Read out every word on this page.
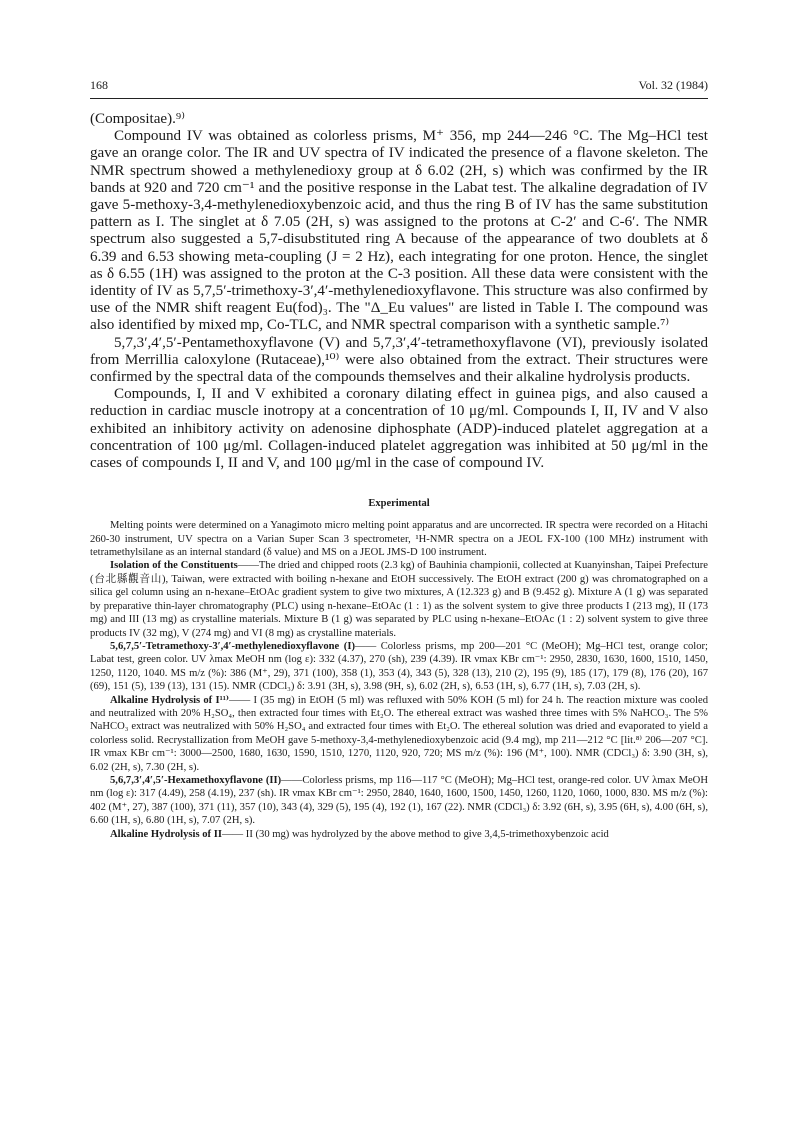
168	Vol. 32 (1984)

(Compositae).⁹⁾

Compound IV was obtained as colorless prisms, M⁺ 356, mp 244—246 °C. The Mg–HCl test gave an orange color. The IR and UV spectra of IV indicated the presence of a flavone skeleton. The NMR spectrum showed a methylenedioxy group at δ 6.02 (2H, s) which was confirmed by the IR bands at 920 and 720 cm⁻¹ and the positive response in the Labat test. The alkaline degradation of IV gave 5-methoxy-3,4-methylenedioxybenzoic acid, and thus the ring B of IV has the same substitution pattern as I. The singlet at δ 7.05 (2H, s) was assigned to the protons at C-2′ and C-6′. The NMR spectrum also suggested a 5,7-disubstituted ring A because of the appearance of two doublets at δ 6.39 and 6.53 showing meta-coupling (J = 2 Hz), each integrating for one proton. Hence, the singlet as δ 6.55 (1H) was assigned to the proton at the C-3 position. All these data were consistent with the identity of IV as 5,7,5′-trimethoxy-3′,4′-methylenedioxyflavone. This structure was also confirmed by use of the NMR shift reagent Eu(fod)₃. The "Δ_Eu values" are listed in Table I. The compound was also identified by mixed mp, Co-TLC, and NMR spectral comparison with a synthetic sample.⁷⁾

5,7,3′,4′,5′-Pentamethoxyflavone (V) and 5,7,3′,4′-tetramethoxyflavone (VI), previously isolated from Merrillia caloxylone (Rutaceae),¹⁰⁾ were also obtained from the extract. Their structures were confirmed by the spectral data of the compounds themselves and their alkaline hydrolysis products.

Compounds, I, II and V exhibited a coronary dilating effect in guinea pigs, and also caused a reduction in cardiac muscle inotropy at a concentration of 10 μg/ml. Compounds I, II, IV and V also exhibited an inhibitory activity on adenosine diphosphate (ADP)-induced platelet aggregation at a concentration of 100 μg/ml. Collagen-induced platelet aggregation was inhibited at 50 μg/ml in the cases of compounds I, II and V, and 100 μg/ml in the case of compound IV.

Experimental

Melting points were determined on a Yanagimoto micro melting point apparatus and are uncorrected. IR spectra were recorded on a Hitachi 260-30 instrument, UV spectra on a Varian Super Scan 3 spectrometer, ¹H-NMR spectra on a JEOL FX-100 (100 MHz) instrument with tetramethylsilane as an internal standard (δ value) and MS on a JEOL JMS-D 100 instrument.

Isolation of the Constituents——The dried and chipped roots (2.3 kg) of Bauhinia championii, collected at Kuanyinshan, Taipei Prefecture (台北縣觀音山), Taiwan, were extracted with boiling n-hexane and EtOH successively. The EtOH extract (200 g) was chromatographed on a silica gel column using an n-hexane–EtOAc gradient system to give two mixtures, A (12.323 g) and B (9.452 g). Mixture A (1 g) was separated by preparative thin-layer chromatography (PLC) using n-hexane–EtOAc (1 : 1) as the solvent system to give three products I (213 mg), II (173 mg) and III (13 mg) as crystalline materials. Mixture B (1 g) was separated by PLC using n-hexane–EtOAc (1 : 2) solvent system to give three products IV (32 mg), V (274 mg) and VI (8 mg) as crystalline materials.

5,6,7,5′-Tetramethoxy-3′,4′-methylenedioxyflavone (I)—— Colorless prisms, mp 200—201 °C (MeOH); Mg–HCl test, orange color; Labat test, green color. UV λmax MeOH nm (log ε): 332 (4.37), 270 (sh), 239 (4.39). IR νmax KBr cm⁻¹: 2950, 2830, 1630, 1600, 1510, 1450, 1250, 1120, 1040. MS m/z (%): 386 (M⁺, 29), 371 (100), 358 (1), 353 (4), 343 (5), 328 (13), 210 (2), 195 (9), 185 (17), 179 (8), 176 (20), 167 (69), 151 (5), 139 (13), 131 (15). NMR (CDCl₃) δ: 3.91 (3H, s), 3.98 (9H, s), 6.02 (2H, s), 6.53 (1H, s), 6.77 (1H, s), 7.03 (2H, s).

Alkaline Hydrolysis of I¹¹⁾—— I (35 mg) in EtOH (5 ml) was refluxed with 50% KOH (5 ml) for 24 h. The reaction mixture was cooled and neutralized with 20% H₂SO₄, then extracted four times with Et₂O. The ethereal extract was washed three times with 5% NaHCO₃. The 5% NaHCO₃ extract was neutralized with 50% H₂SO₄ and extracted four times with Et₂O. The ethereal solution was dried and evaporated to yield a colorless solid. Recrystallization from MeOH gave 5-methoxy-3,4-methylenedioxybenzoic acid (9.4 mg), mp 211—212 °C [lit.⁸⁾ 206—207 °C]. IR νmax KBr cm⁻¹: 3000—2500, 1680, 1630, 1590, 1510, 1270, 1120, 920, 720; MS m/z (%): 196 (M⁺, 100). NMR (CDCl₃) δ: 3.90 (3H, s), 6.02 (2H, s), 7.30 (2H, s).

5,6,7,3′,4′,5′-Hexamethoxyflavone (II)——Colorless prisms, mp 116—117 °C (MeOH); Mg–HCl test, orange-red color. UV λmax MeOH nm (log ε): 317 (4.49), 258 (4.19), 237 (sh). IR νmax KBr cm⁻¹: 2950, 2840, 1640, 1600, 1500, 1450, 1260, 1120, 1060, 1000, 830. MS m/z (%): 402 (M⁺, 27), 387 (100), 371 (11), 357 (10), 343 (4), 329 (5), 195 (4), 192 (1), 167 (22). NMR (CDCl₃) δ: 3.92 (6H, s), 3.95 (6H, s), 4.00 (6H, s), 6.60 (1H, s), 6.80 (1H, s), 7.07 (2H, s).

Alkaline Hydrolysis of II—— II (30 mg) was hydrolyzed by the above method to give 3,4,5-trimethoxybenzoic acid
